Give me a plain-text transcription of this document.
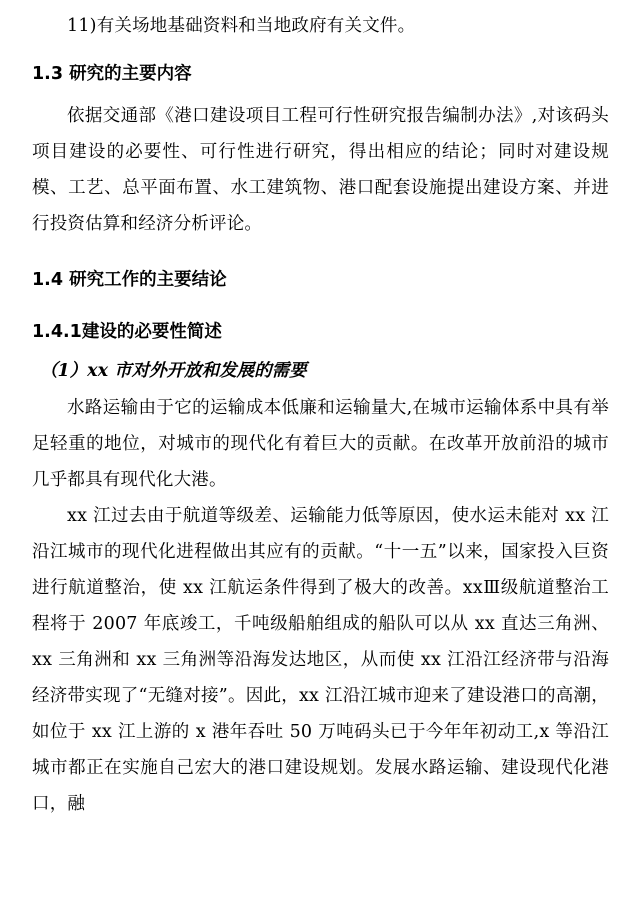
11)有关场地基础资料和当地政府有关文件。

1.3 研究的主要内容

依据交通部《港口建设项目工程可行性研究报告编制办法》,对该码头项目建设的必要性、可行性进行研究，得出相应的结论；同时对建设规模、工艺、总平面布置、水工建筑物、港口配套设施提出建设方案、并进行投资估算和经济分析评论。

1.4 研究工作的主要结论
1.4.1建设的必要性简述
（1）xx 市对外开放和发展的需要

水路运输由于它的运输成本低廉和运输量大,在城市运输体系中具有举足轻重的地位，对城市的现代化有着巨大的贡献。在改革开放前沿的城市几乎都具有现代化大港。

xx 江过去由于航道等级差、运输能力低等原因，使水运未能对 xx 江沿江城市的现代化进程做出其应有的贡献。“十一五”以来，国家投入巨资进行航道整治，使 xx 江航运条件得到了极大的改善。xxⅢ级航道整治工程将于 2007 年底竣工，千吨级船舶组成的船队可以从 xx 直达三角洲、xx 三角洲和 xx 三角洲等沿海发达地区，从而使 xx 江沿江经济带与沿海经济带实现了“无缝对接”。因此，xx 江沿江城市迎来了建设港口的高潮，如位于 xx 江上游的 x 港年吞吐 50 万吨码头已于今年年初动工,x 等沿江城市都正在实施自己宏大的港口建设规划。发展水路运输、建设现代化港口，融
